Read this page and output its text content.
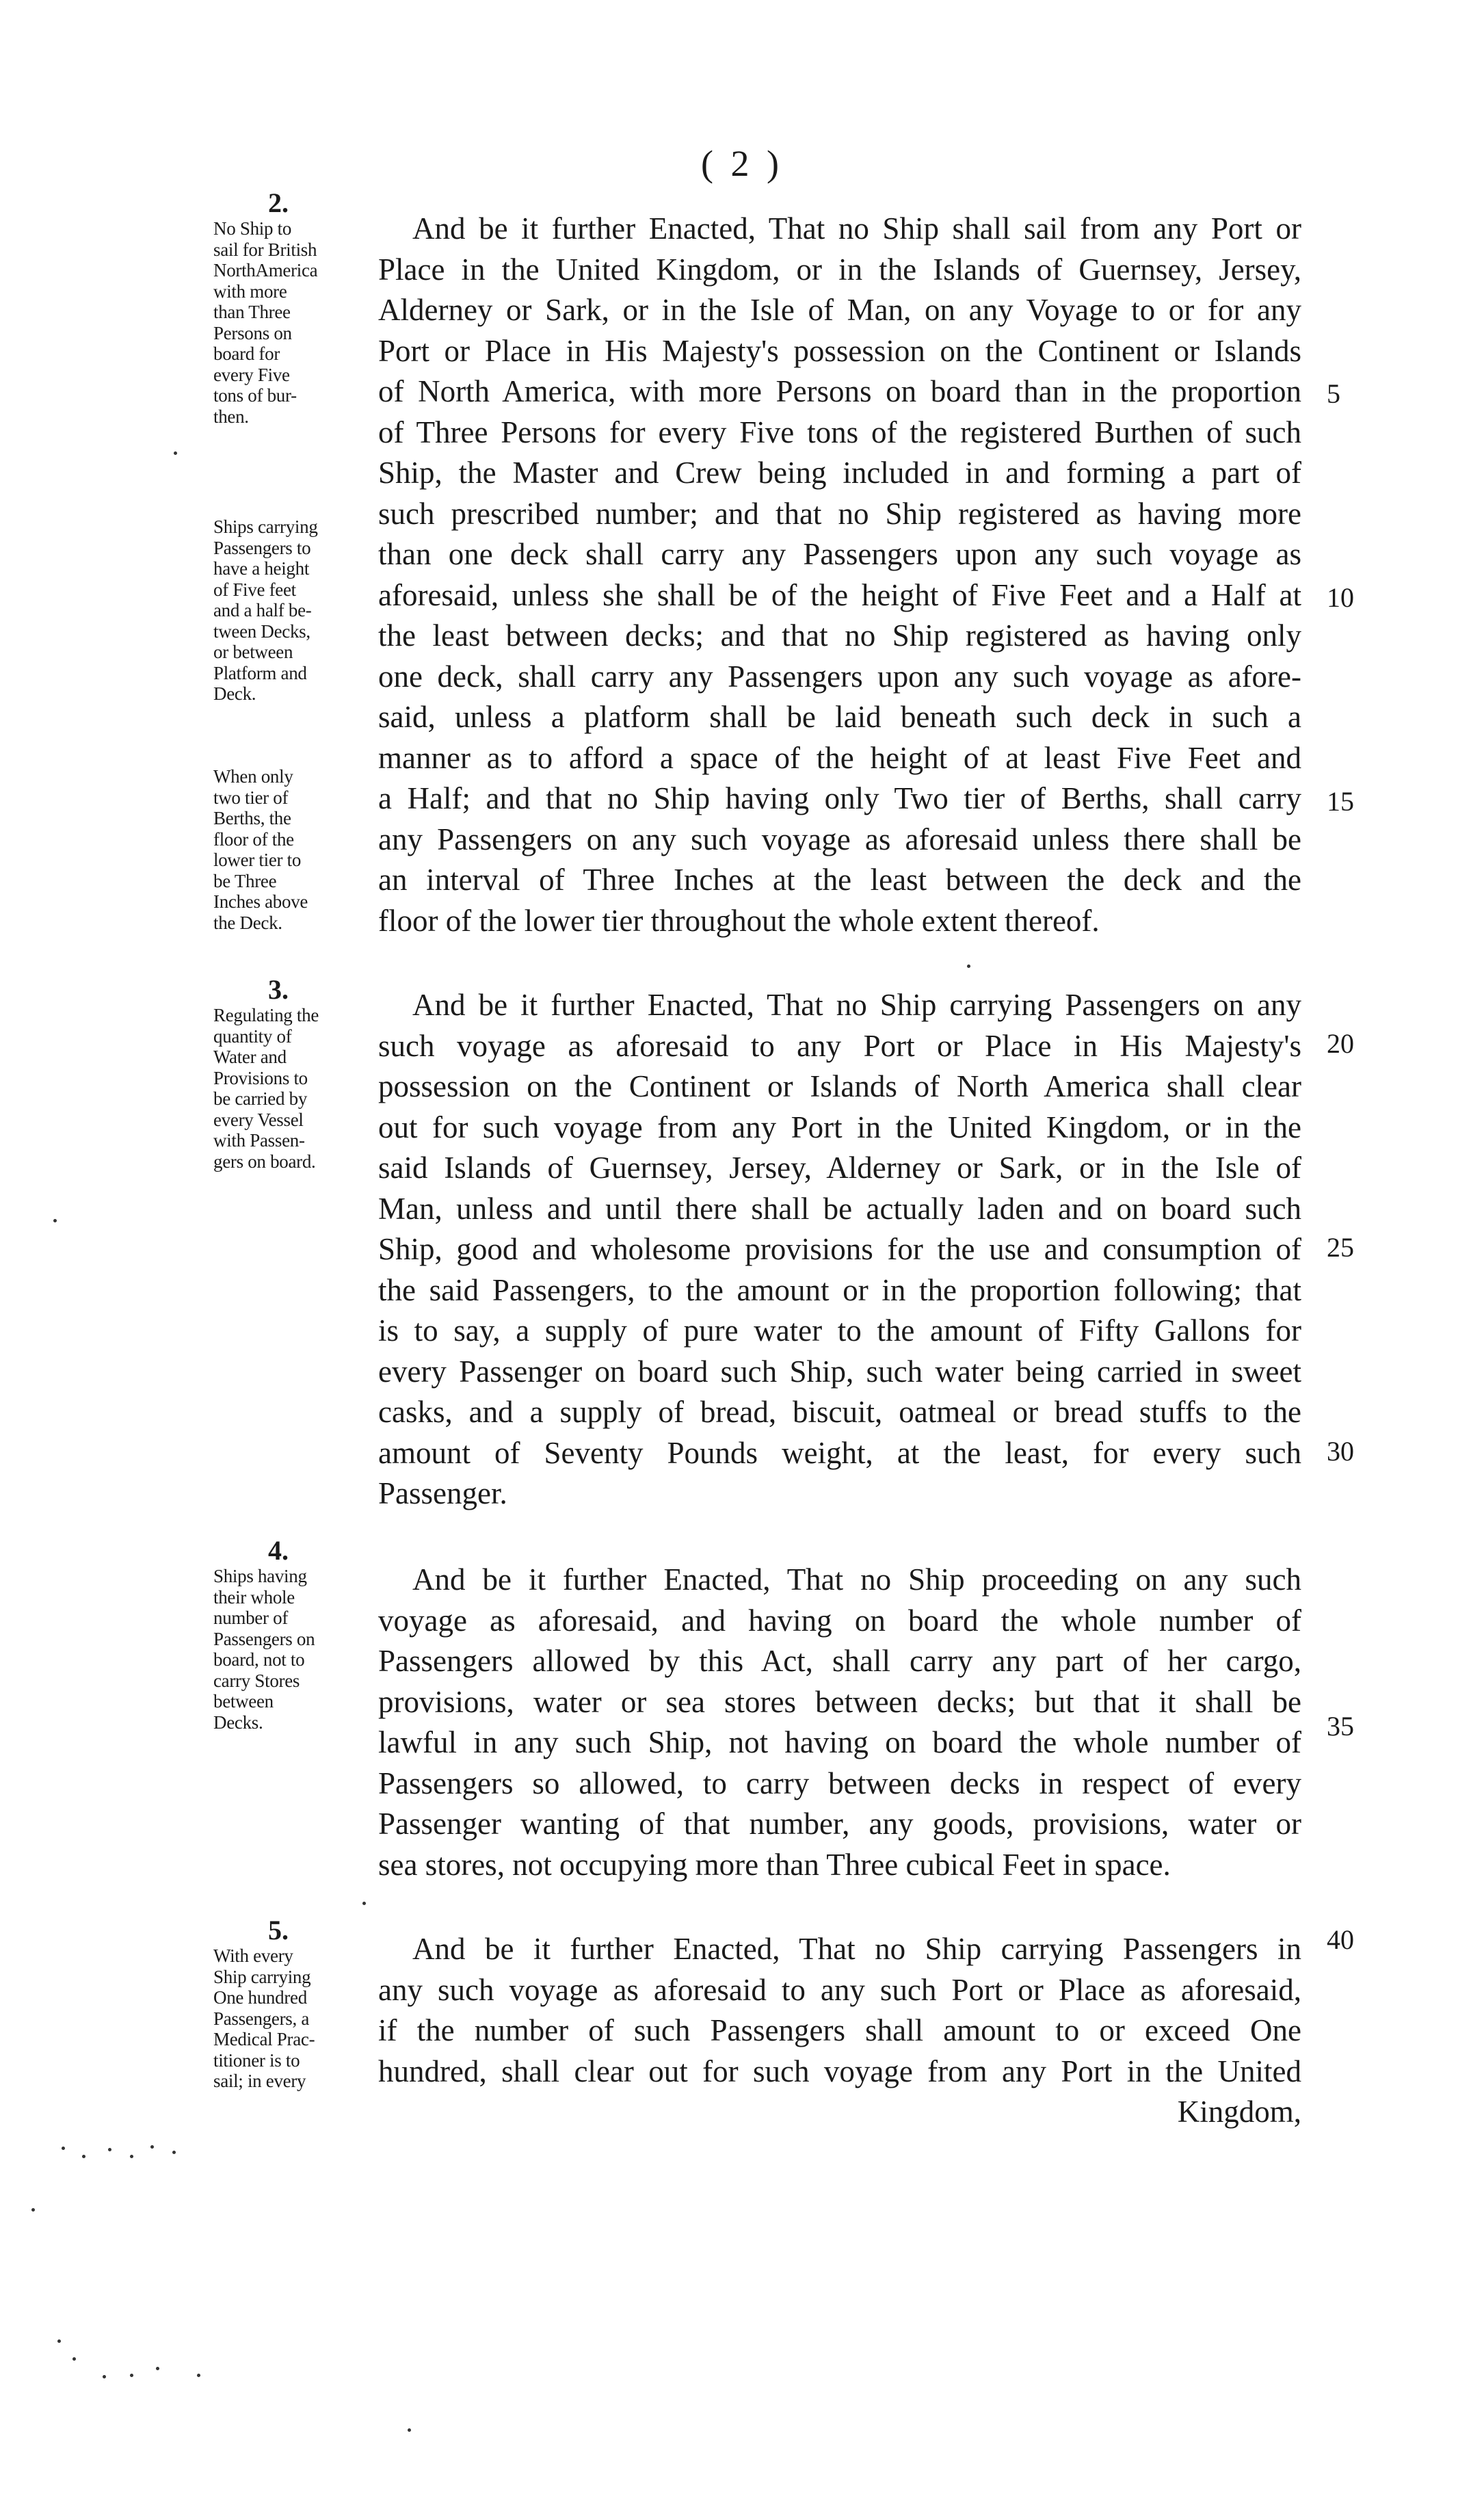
( 2 )
2.
No Ship to
sail for British
NorthAmerica
with more
than Three
Persons on
board for
every Five
tons of bur-
then.
Ships carrying
Passengers to
have a height
of Five feet
and a half be-
tween Decks,
or between
Platform and
Deck.
When only
two tier of
Berths, the
floor of the
lower tier to
be Three
Inches above
the Deck.
3.
Regulating the
quantity of
Water and
Provisions to
be carried by
every Vessel
with Passen-
gers on board.
4.
Ships having
their whole
number of
Passengers on
board, not to
carry Stores
between
Decks.
5.
With every
Ship carrying
One hundred
Passengers, a
Medical Prac-
titioner is to
sail; in every
And be it further Enacted, That no Ship shall sail from any Port or
Place in the United Kingdom, or in the Islands of Guernsey, Jersey,
Alderney or Sark, or in the Isle of Man, on any Voyage to or for any
Port or Place in His Majesty's possession on the Continent or Islands
of North America, with more Persons on board than in the proportion
of Three Persons for every Five tons of the registered Burthen of such
Ship, the Master and Crew being included in and forming a part of
such prescribed number; and that no Ship registered as having more
than one deck shall carry any Passengers upon any such voyage as
aforesaid, unless she shall be of the height of Five Feet and a Half at
the least between decks; and that no Ship registered as having only
one deck, shall carry any Passengers upon any such voyage as afore-
said, unless a platform shall be laid beneath such deck in such a
manner as to afford a space of the height of at least Five Feet and
a Half; and that no Ship having only Two tier of Berths, shall carry
any Passengers on any such voyage as aforesaid unless there shall be
an interval of Three Inches at the least between the deck and the
floor of the lower tier throughout the whole extent thereof.
And be it further Enacted, That no Ship carrying Passengers on any
such voyage as aforesaid to any Port or Place in His Majesty's
possession on the Continent or Islands of North America shall clear
out for such voyage from any Port in the United Kingdom, or in the
said Islands of Guernsey, Jersey, Alderney or Sark, or in the Isle of
Man, unless and until there shall be actually laden and on board such
Ship, good and wholesome provisions for the use and consumption of
the said Passengers, to the amount or in the proportion following; that
is to say, a supply of pure water to the amount of Fifty Gallons for
every Passenger on board such Ship, such water being carried in sweet
casks, and a supply of bread, biscuit, oatmeal or bread stuffs to the
amount of Seventy Pounds weight, at the least, for every such
Passenger.
And be it further Enacted, That no Ship proceeding on any such
voyage as aforesaid, and having on board the whole number of
Passengers allowed by this Act, shall carry any part of her cargo,
provisions, water or sea stores between decks; but that it shall be
lawful in any such Ship, not having on board the whole number of
Passengers so allowed, to carry between decks in respect of every
Passenger wanting of that number, any goods, provisions, water or
sea stores, not occupying more than Three cubical Feet in space.
And be it further Enacted, That no Ship carrying Passengers in
any such voyage as aforesaid to any such Port or Place as aforesaid,
if the number of such Passengers shall amount to or exceed One
hundred, shall clear out for such voyage from any Port in the United
Kingdom,
5
10
15
20
25
30
35
40
